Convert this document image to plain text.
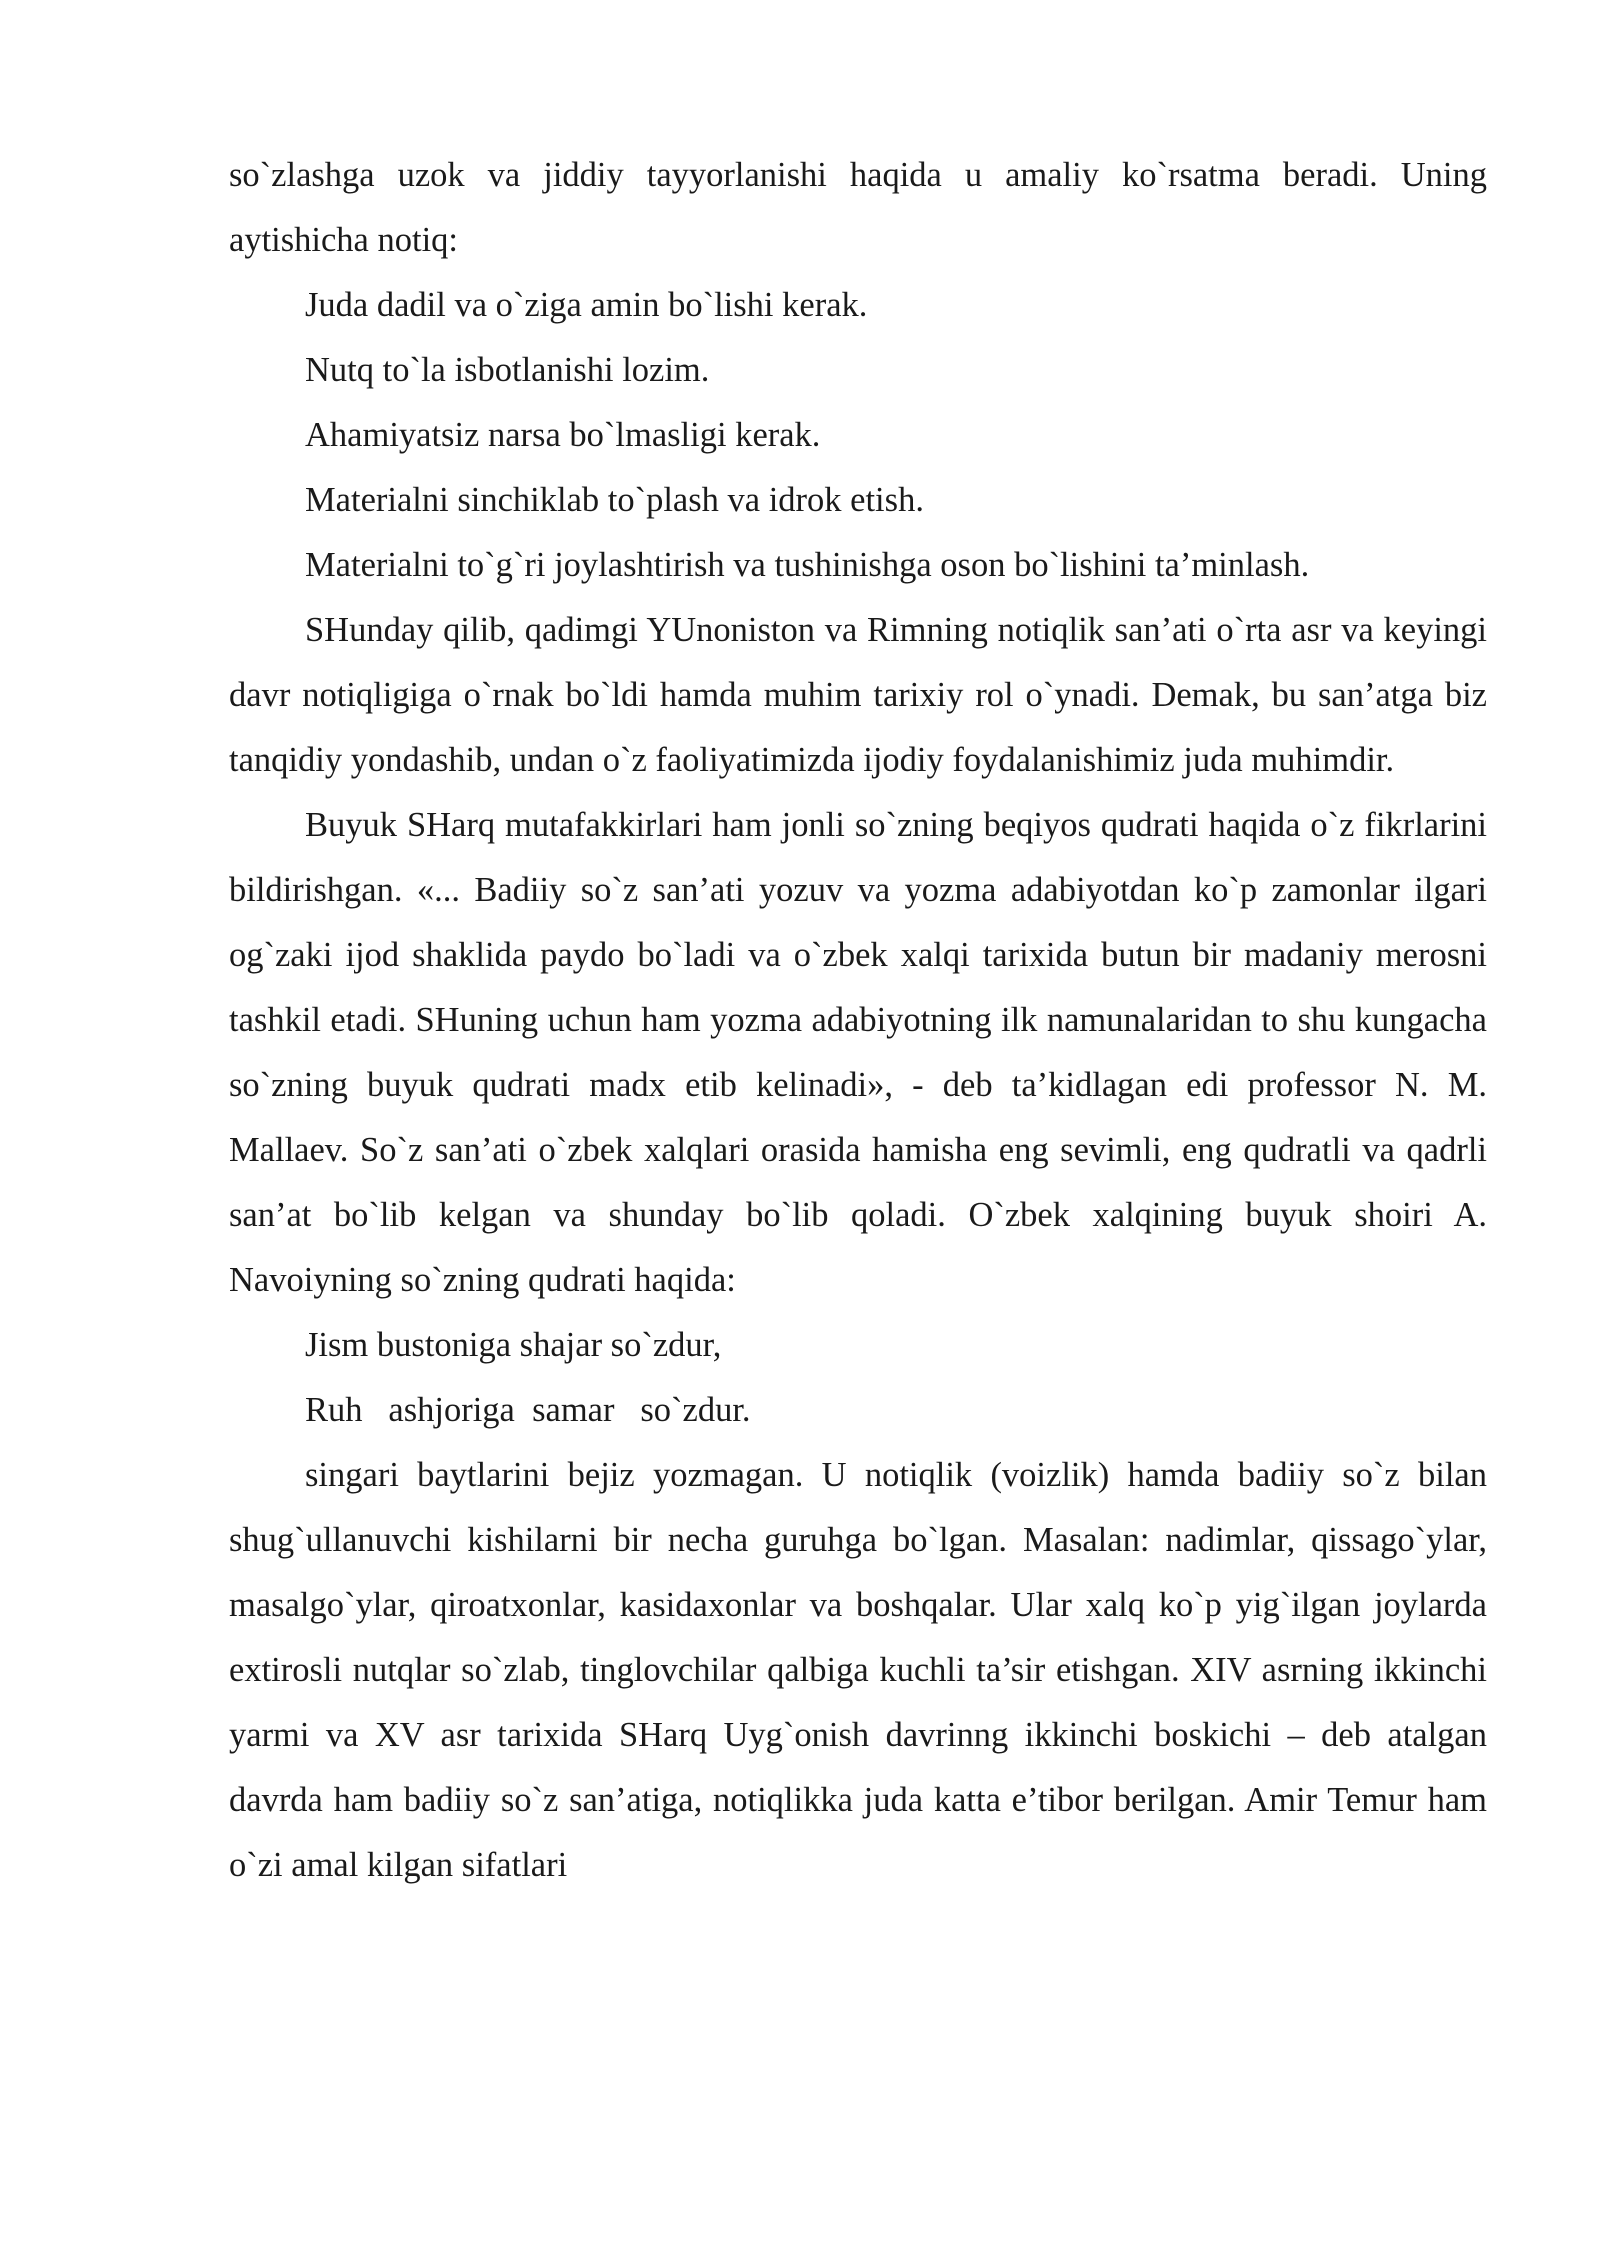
so`zlashga uzok va jiddiy tayyorlanishi haqida u amaliy ko`rsatma beradi. Uning aytishicha notiq:

Juda dadil va o`ziga amin bo`lishi kerak.

Nutq to`la isbotlanishi lozim.

Ahamiyatsiz narsa bo`lmasligi kerak.

Materialni sinchiklab to`plash va idrok etish.

Materialni to`g`ri joylashtirish va tushinishga oson bo`lishini ta’minlash.

SHunday qilib, qadimgi YUnoniston va Rimning notiqlik san’ati o`rta asr va keyingi davr notiqligiga o`rnak bo`ldi hamda muhim tarixiy rol o`ynadi. Demak, bu san’atga biz tanqidiy yondashib, undan o`z faoliyatimizda ijodiy foydalanishimiz juda muhimdir.

Buyuk SHarq mutafakkirlari ham jonli so`zning beqiyos qudrati haqida o`z fikrlarini bildirishgan. «... Badiiy so`z san’ati yozuv va yozma adabiyotdan ko`p zamonlar ilgari og`zaki ijod shaklida paydo bo`ladi va o`zbek xalqi tarixida butun bir madaniy merosni tashkil etadi. SHuning uchun ham yozma adabiyotning ilk namunalaridan to shu kungacha so`zning buyuk qudrati madx etib kelinadi», - deb ta’kidlagan edi professor N. M. Mallaev. So`z san’ati o`zbek xalqlari orasida hamisha eng sevimli, eng qudratli va qadrli san’at bo`lib kelgan va shunday bo`lib qoladi. O`zbek xalqining buyuk shoiri A. Navoiyning so`zning qudrati haqida:

Jism bustoniga shajar so`zdur,

Ruh   ashjoriga  samar   so`zdur.

singari baytlarini bejiz yozmagan. U notiqlik (voizlik) hamda badiiy so`z bilan shug`ullanuvchi kishilarni bir necha guruhga bo`lgan. Masalan: nadimlar, qissago`ylar, masalgo`ylar, qiroatxonlar, kasidaxonlar va boshqalar. Ular xalq ko`p yig`ilgan joylarda extirosli nutqlar so`zlab, tinglovchilar qalbiga kuchli ta’sir etishgan. XIV asrning ikkinchi yarmi va XV asr tarixida SHarq Uyg`onish davrinng ikkinchi boskichi – deb atalgan davrda ham badiiy so`z san’atiga, notiqlikka juda katta e’tibor berilgan. Amir Temur ham o`zi amal kilgan sifatlari
